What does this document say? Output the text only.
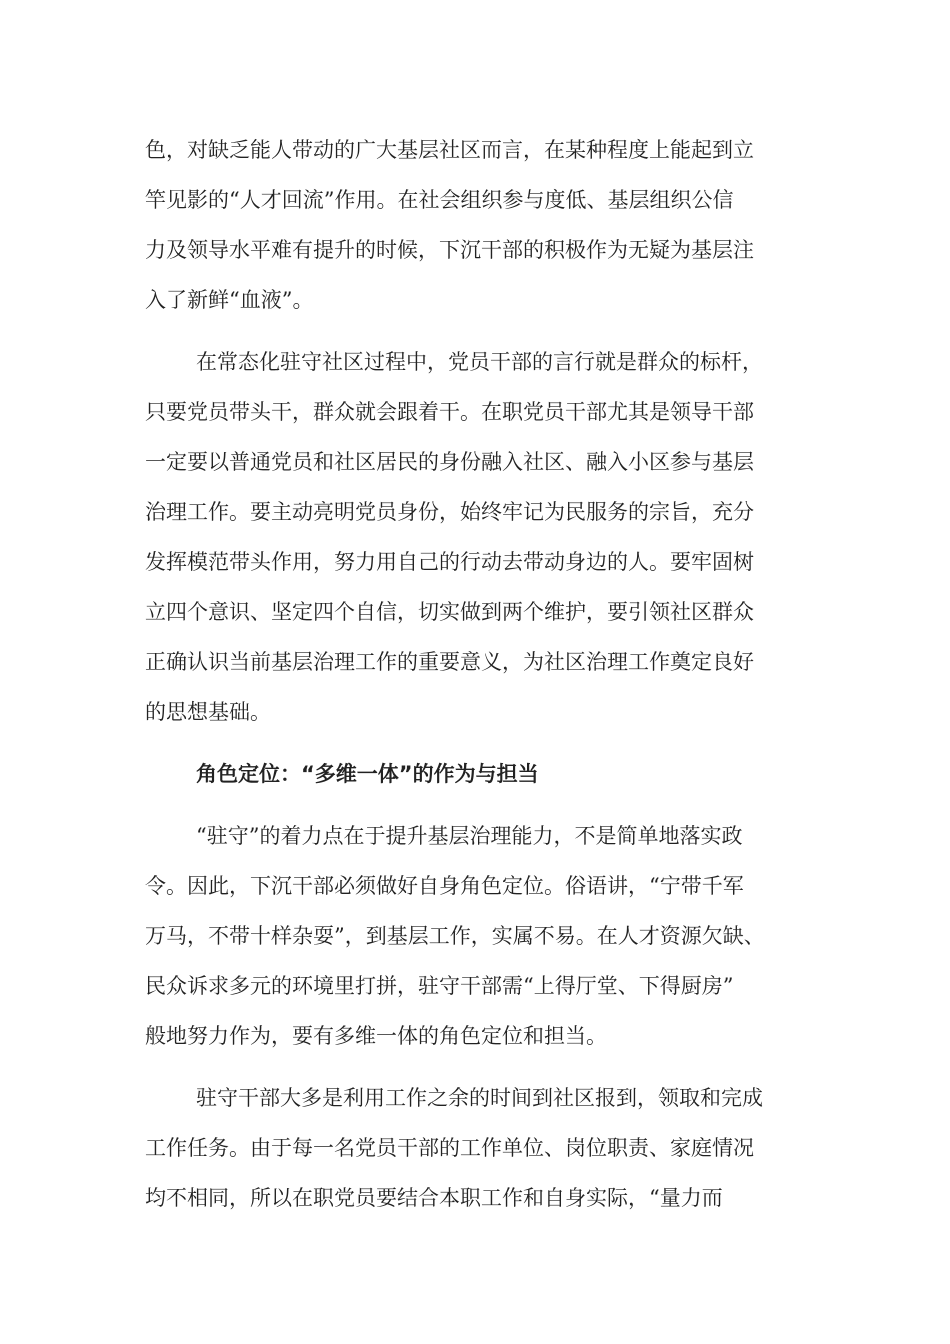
色，对缺乏能人带动的广大基层社区而言，在某种程度上能起到立
竿见影的“人才回流”作用。在社会组织参与度低、基层组织公信
力及领导水平难有提升的时候，下沉干部的积极作为无疑为基层注
入了新鲜“血液”。
在常态化驻守社区过程中，党员干部的言行就是群众的标杆，
只要党员带头干，群众就会跟着干。在职党员干部尤其是领导干部
一定要以普通党员和社区居民的身份融入社区、融入小区参与基层
治理工作。要主动亮明党员身份，始终牢记为民服务的宗旨，充分
发挥模范带头作用，努力用自己的行动去带动身边的人。要牢固树
立四个意识、坚定四个自信，切实做到两个维护，要引领社区群众
正确认识当前基层治理工作的重要意义，为社区治理工作奠定良好
的思想基础。
角色定位：“多维一体”的作为与担当
“驻守”的着力点在于提升基层治理能力，不是简单地落实政
令。因此，下沉干部必须做好自身角色定位。俗语讲，“宁带千军
万马，不带十样杂耍”，到基层工作，实属不易。在人才资源欠缺、
民众诉求多元的环境里打拼，驻守干部需“上得厅堂、下得厨房”
般地努力作为，要有多维一体的角色定位和担当。
驻守干部大多是利用工作之余的时间到社区报到，领取和完成
工作任务。由于每一名党员干部的工作单位、岗位职责、家庭情况
均不相同，所以在职党员要结合本职工作和自身实际，“量力而
